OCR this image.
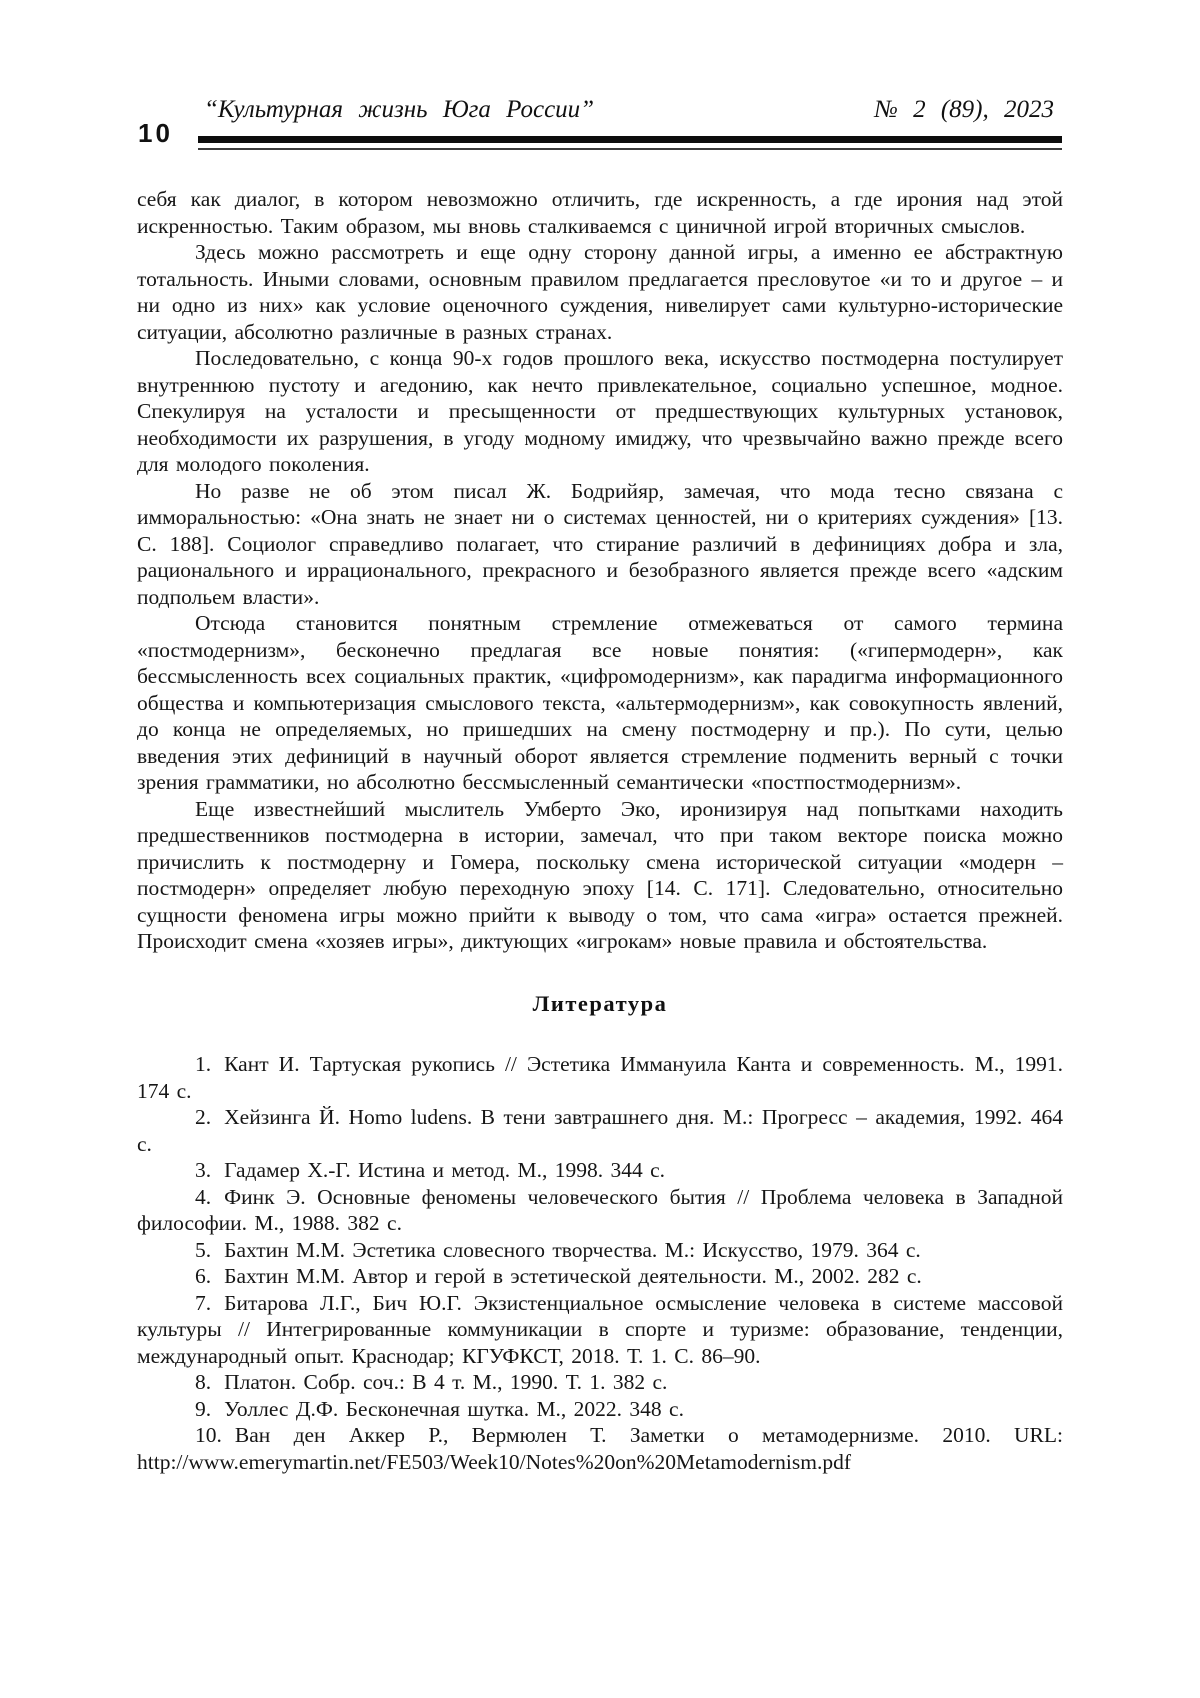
10
“Культурная жизнь Юга России”	№ 2 (89), 2023

себя как диалог, в котором невозможно отличить, где искренность, а где ирония над этой искренностью. Таким образом, мы вновь сталкиваемся с циничной игрой вторичных смыслов.

Здесь можно рассмотреть и еще одну сторону данной игры, а именно ее абстрактную тотальность. Иными словами, основным правилом предлагается пресловутое «и то и другое – и ни одно из них» как условие оценочного суждения, нивелирует сами культурно-исторические ситуации, абсолютно различные в разных странах.

Последовательно, с конца 90-х годов прошлого века, искусство постмодерна постулирует внутреннюю пустоту и агедонию, как нечто привлекательное, социально успешное, модное. Спекулируя на усталости и пресыщенности от предшествующих культурных установок, необходимости их разрушения, в угоду модному имиджу, что чрезвычайно важно прежде всего для молодого поколения.

Но разве не об этом писал Ж. Бодрийяр, замечая, что мода тесно связана с имморальностью: «Она знать не знает ни о системах ценностей, ни о критериях суждения» [13. С. 188]. Социолог справедливо полагает, что стирание различий в дефинициях добра и зла, рационального и иррационального, прекрасного и безобразного является прежде всего «адским подпольем власти».

Отсюда становится понятным стремление отмежеваться от самого термина «постмодернизм», бесконечно предлагая все новые понятия: («гипермодерн», как бессмысленность всех социальных практик, «цифромодернизм», как парадигма информационного общества и компьютеризация смыслового текста, «альтермодернизм», как совокупность явлений, до конца не определяемых, но пришедших на смену постмодерну и пр.). По сути, целью введения этих дефиниций в научный оборот является стремление подменить верный с точки зрения грамматики, но абсолютно бессмысленный семантически «постпостмодернизм».

Еще известнейший мыслитель Умберто Эко, иронизируя над попытками находить предшественников постмодерна в истории, замечал, что при таком векторе поиска можно причислить к постмодерну и Гомера, поскольку смена исторической ситуации «модерн – постмодерн» определяет любую переходную эпоху [14. С. 171]. Следовательно, относительно сущности феномена игры можно прийти к выводу о том, что сама «игра» остается прежней. Происходит смена «хозяев игры», диктующих «игрокам» новые правила и обстоятельства.

Литература

1. Кант И. Тартуская рукопись // Эстетика Иммануила Канта и современность. М., 1991. 174 с.

2. Хейзинга Й. Homo ludens. В тени завтрашнего дня. М.: Прогресс – академия, 1992. 464 с.

3. Гадамер Х.-Г. Истина и метод. М., 1998. 344 с.

4. Финк Э. Основные феномены человеческого бытия // Проблема человека в Западной философии. М., 1988. 382 с.

5. Бахтин М.М. Эстетика словесного творчества. М.: Искусство, 1979. 364 с.

6. Бахтин М.М. Автор и герой в эстетической деятельности. М., 2002. 282 с.

7. Битарова Л.Г., Бич Ю.Г. Экзистенциальное осмысление человека в системе массовой культуры // Интегрированные коммуникации в спорте и туризме: образование, тенденции, международный опыт. Краснодар; КГУФКСТ, 2018. Т. 1. С. 86–90.

8. Платон. Собр. соч.: В 4 т. М., 1990. Т. 1. 382 с.

9. Уоллес Д.Ф. Бесконечная шутка. М., 2022. 348 с.

10. Ван ден Аккер Р., Вермюлен Т. Заметки о метамодернизме. 2010. URL: http://www.emerymartin.net/FE503/Week10/Notes%20on%20Metamodernism.pdf
